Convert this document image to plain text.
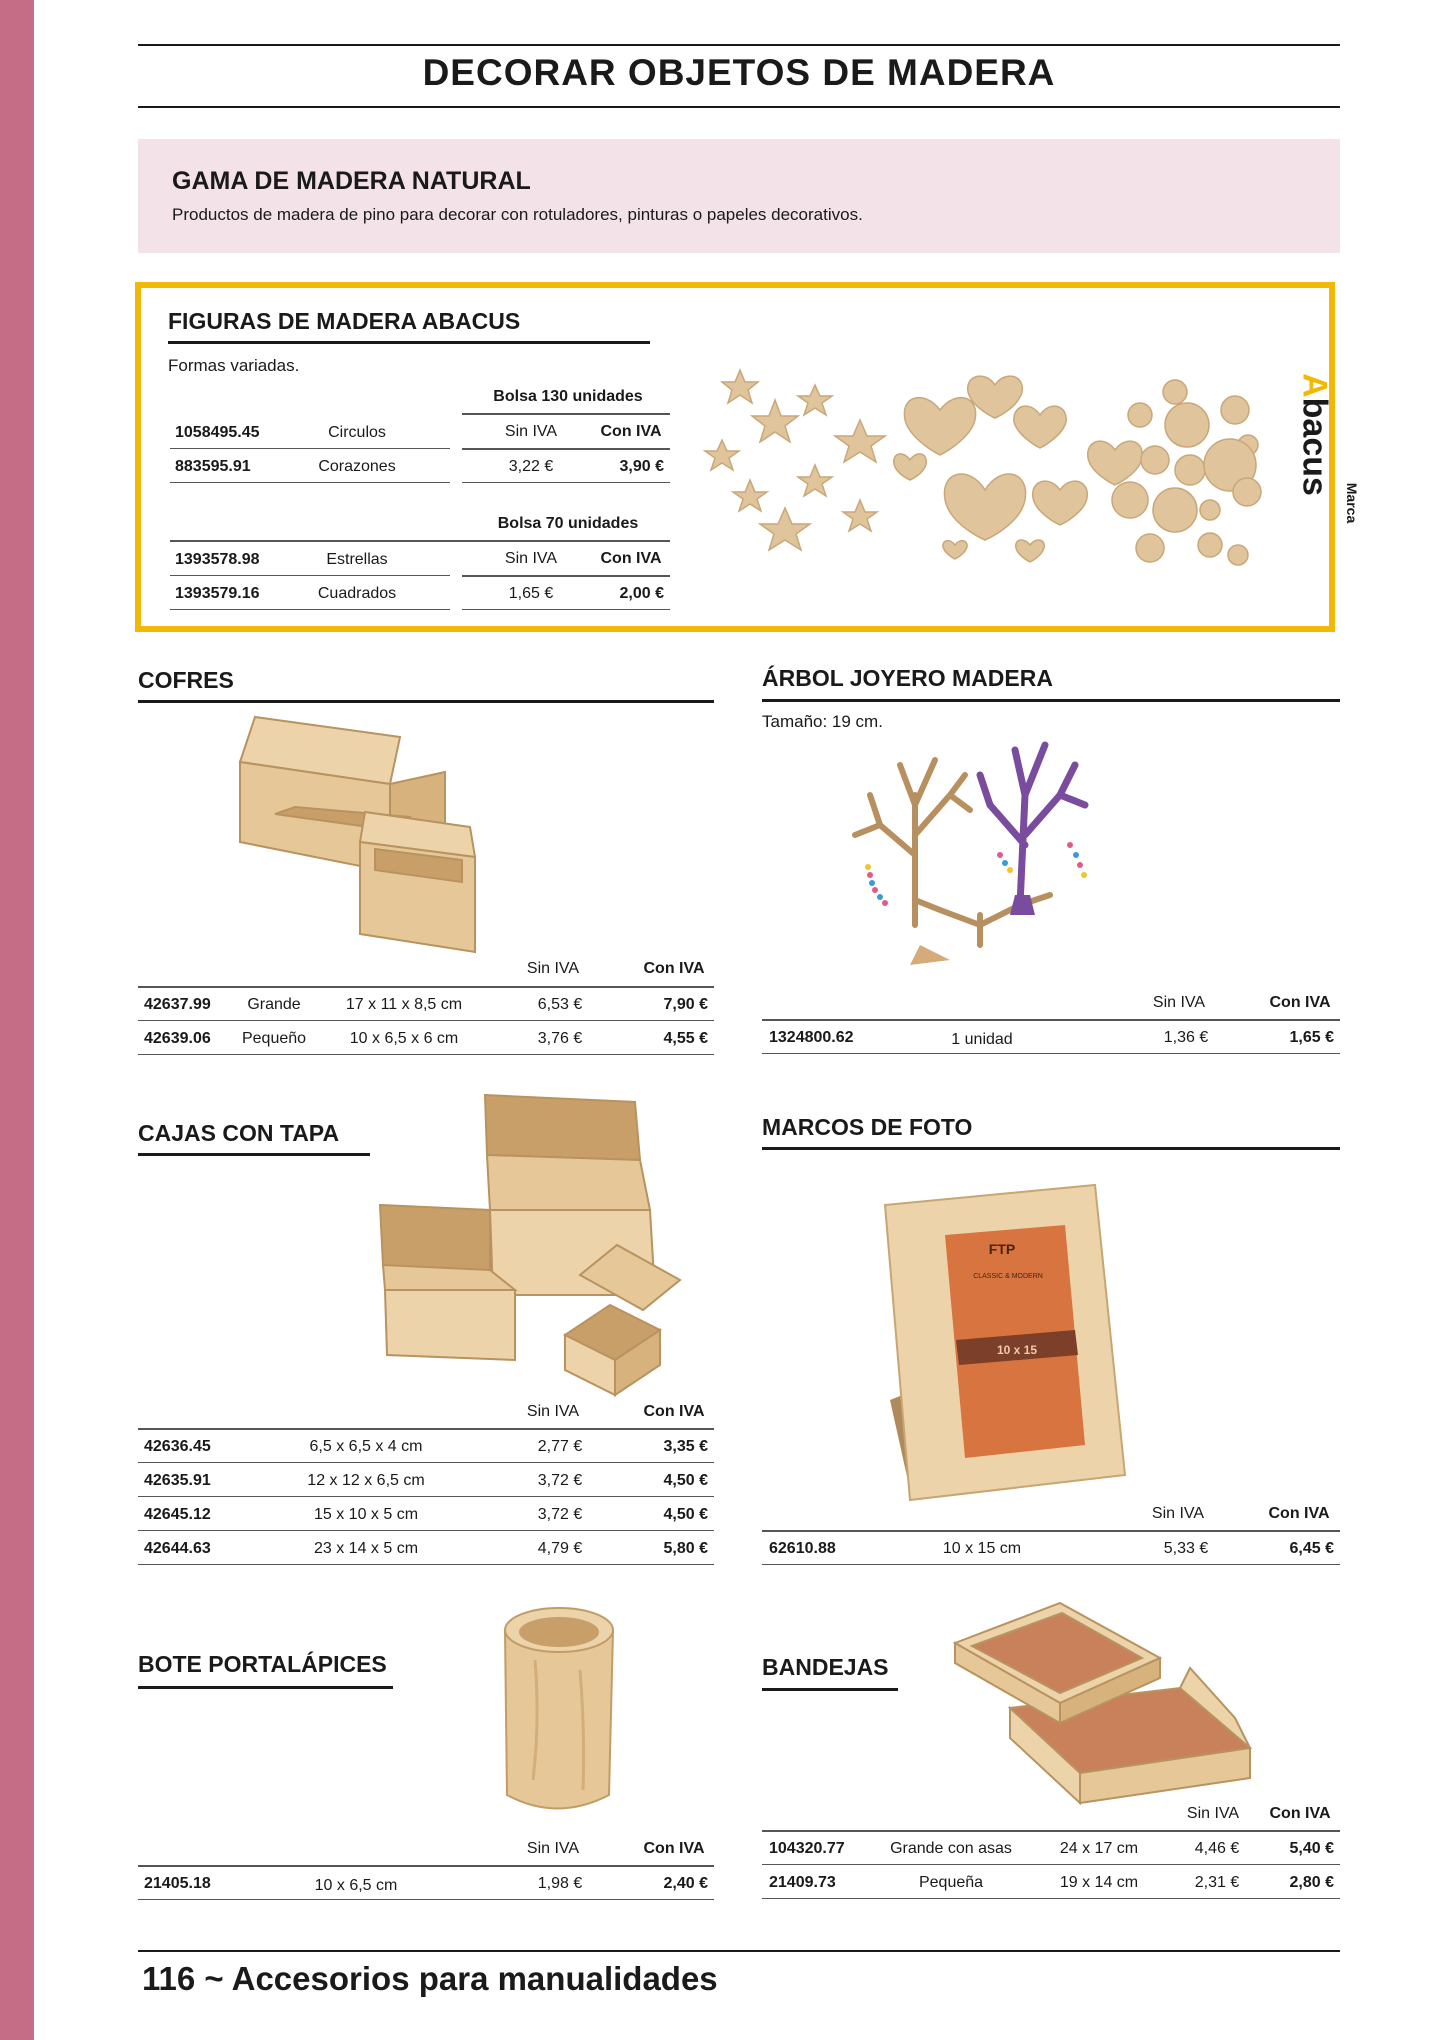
DECORAR OBJETOS DE MADERA
GAMA DE MADERA NATURAL

Productos de madera de pino para decorar con rotuladores, pinturas o papeles decorativos.

FIGURAS DE MADERA ABACUS
Formas variadas.
Bolsa 130 unidades
Sin IVA	Con IVA
1058495.45	Circulos
883595.91	Corazones	3,22 €	3,90 €
Bolsa 70 unidades
Sin IVA	Con IVA
1393578.98	Estrellas
1393579.16	Cuadrados	1,65 €	2,00 €
Abacus
Marca
COFRES
Sin IVA	Con IVA
42637.99 Grande	17 x 11 x 8,5 cm	6,53 €	7,90 €
42639.06 Pequeño	10 x 6,5 x 6 cm	3,76 €	4,55 €
ÁRBOL JOYERO MADERA
Tamaño: 19 cm.
Sin IVA	Con IVA
1324800.62	1 unidad	1,36 €	1,65 €
CAJAS CON TAPA
Sin IVA	Con IVA
42636.45	6,5 x 6,5 x 4 cm	2,77 €	3,35 €
42635.91	12 x 12 x 6,5 cm	3,72 €	4,50 €
42645.12	15 x 10 x 5 cm	3,72 €	4,50 €
42644.63	23 x 14 x 5 cm	4,79 €	5,80 €
MARCOS DE FOTO
FTP
CLASSIC & MODERN
10 x 15
Sin IVA	Con IVA
62610.88	10 x 15 cm	5,33 €	6,45 €
BOTE PORTALÁPICES
Sin IVA	Con IVA
21405.18	10 x 6,5 cm	1,98 €	2,40 €
BANDEJAS
Sin IVA Con IVA
104320.77	Grande con asas	24 x 17 cm	4,46 €	5,40 €
21409.73	Pequeña	19 x 14 cm	2,31 €	2,80 €
116 ~ Accesorios para manualidades
